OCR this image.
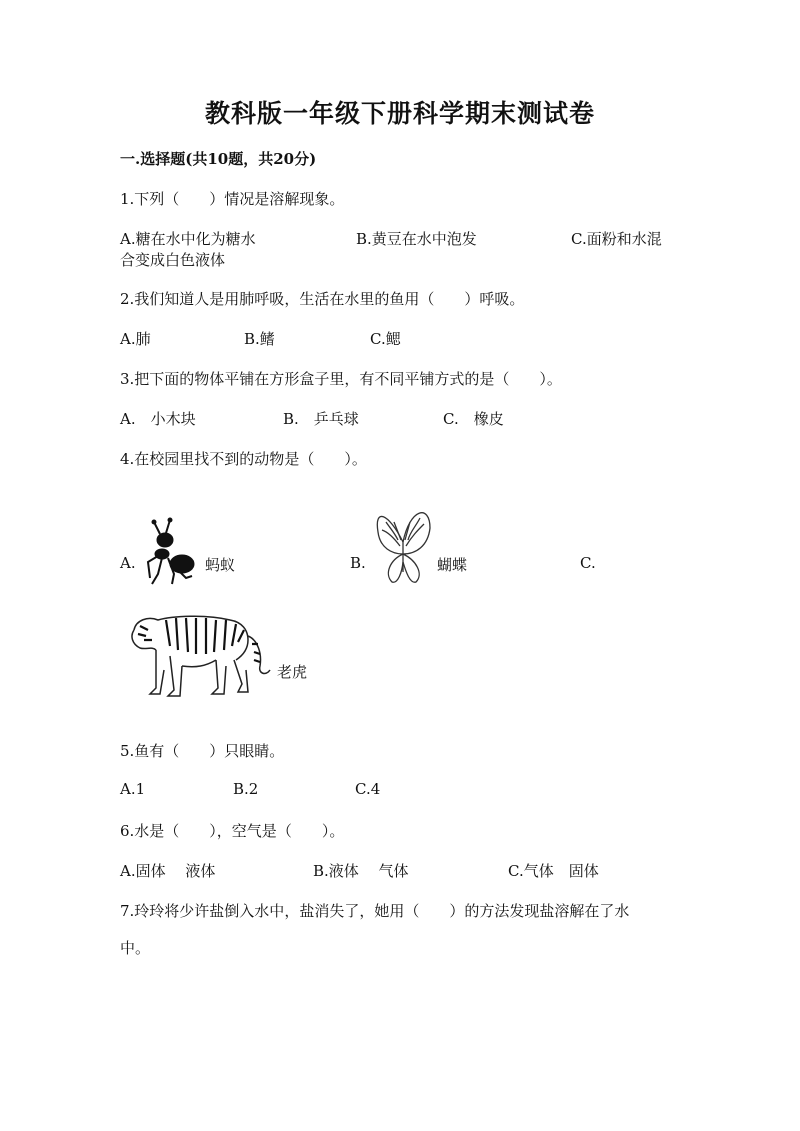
教科版一年级下册科学期末测试卷
一.选择题(共10题，共20分)
1.下列（　　）情况是溶解现象。
A.糖在水中化为糖水	B.黄豆在水中泡发	C.面粉和水混
合变成白色液体
2.我们知道人是用肺呼吸，生活在水里的鱼用（　　）呼吸。
A.肺	B.鳍	C.鳃
3.把下面的物体平铺在方形盒子里，有不同平铺方式的是（　　）。
A.　小木块	B.　乒乓球	C.　橡皮
4.在校园里找不到的动物是（　　）。
A.	蚂蚁	B.	蝴蝶	C.
老虎
5.鱼有（　　）只眼睛。
A.1	B.2	C.4
6.水是（　　），空气是（　　）。
A.固体　 液体	B.液体　 气体	C.气体　固体
7.玲玲将少许盐倒入水中，盐消失了，她用（　　）的方法发现盐溶解在了水
中。
